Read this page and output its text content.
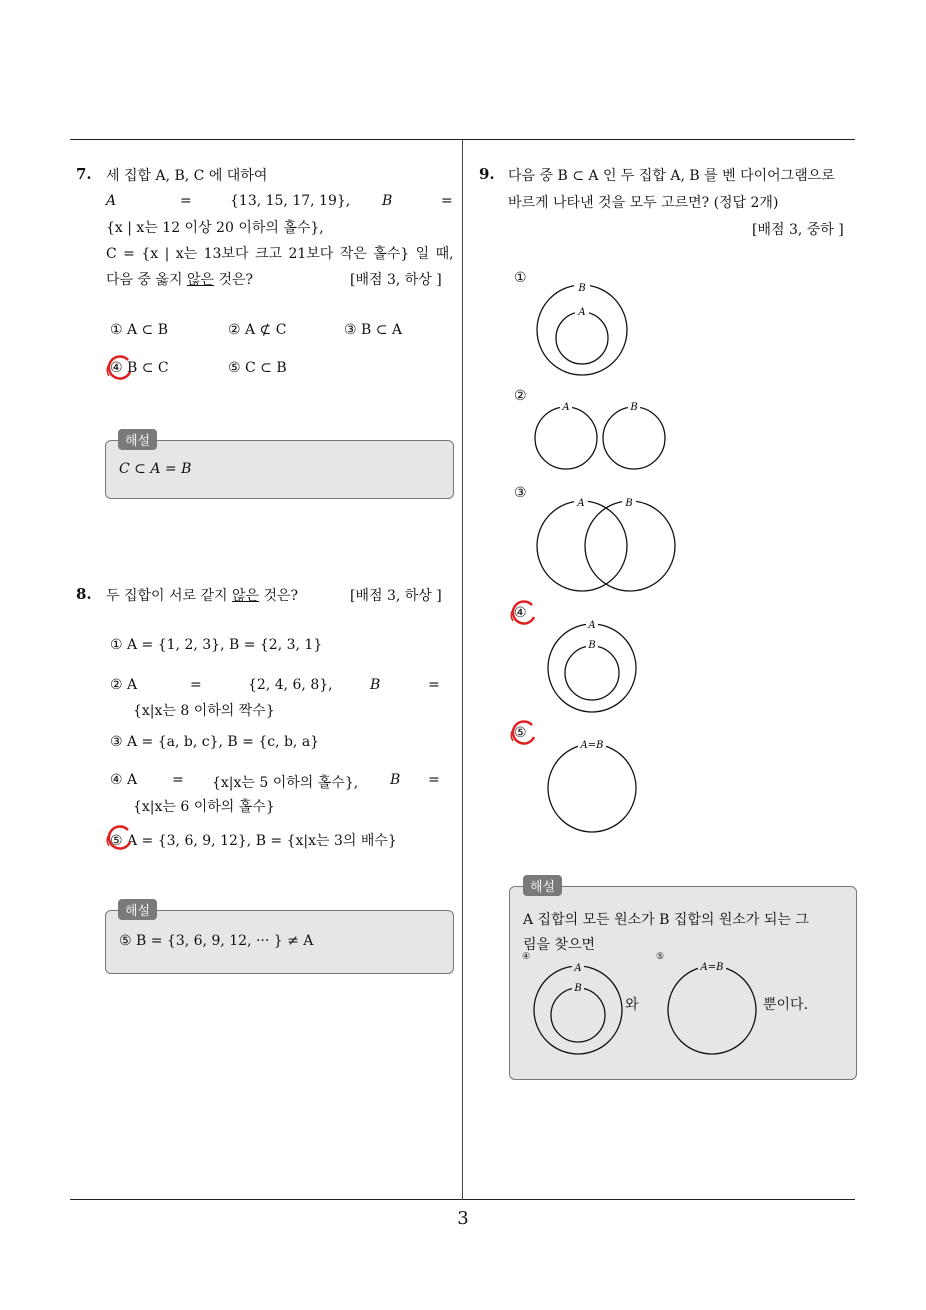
7. 세 집합 A, B, C 에 대하여
A	=	{13, 15, 17, 19}, B	=
{x | x는 12 이상 20 이하의 홀수},
C = {x | x는 13보다 크고 21보다 작은 홀수} 일 때,
다음 중 옳지 않은 것은?	[배점 3, 하상 ]
① A ⊂ B	② A ⊄ C	③ B ⊂ A
④ B ⊂ C	⑤ C ⊂ B
해설
C ⊂ A = B
8. 두 집합이 서로 같지 않은 것은?	[배점 3, 하상 ]
① A = {1, 2, 3}, B = {2, 3, 1}
② A	=	{2, 4, 6, 8},	B	=
{x|x는 8 이하의 짝수}
③ A = {a, b, c}, B = {c, b, a}
④ A = {x|x는 5 이하의 홀수}, B =
{x|x는 6 이하의 홀수}
⑤ A = {3, 6, 9, 12}, B = {x|x는 3의 배수}
해설
⑤ B = {3, 6, 9, 12, ··· } ≠ A
9. 다음 중 B ⊂ A 인 두 집합 A, B 를 벤 다이어그램으로
바르게 나타낸 것을 모두 고르면? (정답 2개)
[배점 3, 중하 ]
①
B
A
②
A	B
③
A	B
④
A
B
⑤
A=B
해설
A 집합의 모든 원소가 B 집합의 원소가 되는 그
림을 찾으면
④	⑤
A
B
와
A=B
뿐이다.
3
